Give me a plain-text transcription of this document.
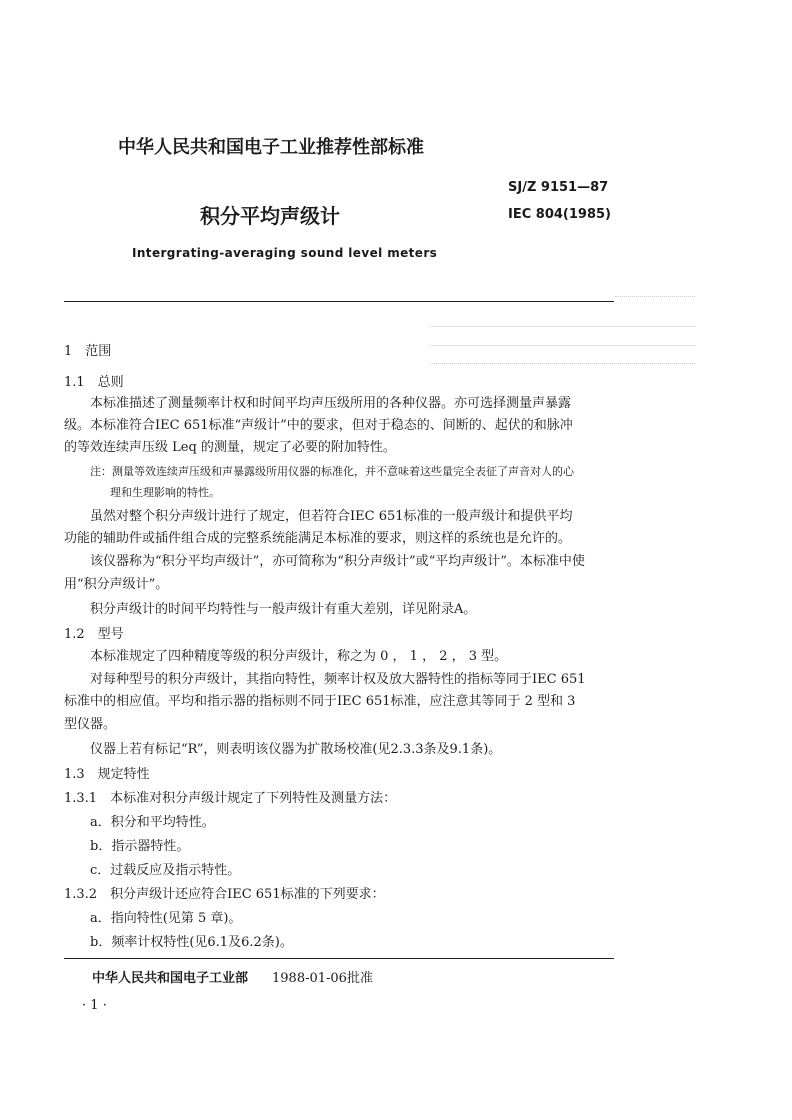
中华人民共和国电子工业推荐性部标准
积分平均声级计
SJ/Z 9151—87
IEC 804(1985)
Intergrating-averaging sound level meters
1　范围
1.1　总则
本标准描述了测量频率计权和时间平均声压级所用的各种仪器。亦可选择测量声暴露
级。本标准符合IEC 651标准“声级计”中的要求，但对于稳态的、间断的、起伏的和脉冲
的等效连续声压级 Leq 的测量，规定了必要的附加特性。
注：测量等效连续声压级和声暴露级所用仪器的标准化，并不意味着这些量完全表征了声音对人的心
理和生理影响的特性。
虽然对整个积分声级计进行了规定，但若符合IEC 651标准的一般声级计和提供平均
功能的辅助件或插件组合成的完整系统能满足本标准的要求，则这样的系统也是允许的。
该仪器称为“积分平均声级计”，亦可简称为“积分声级计”或“平均声级计”。本标准中使
用“积分声级计”。
积分声级计的时间平均特性与一般声级计有重大差别，详见附录A。
1.2　型号
本标准规定了四种精度等级的积分声级计，称之为 0 ， 1 ， 2 ， 3 型。
对每种型号的积分声级计，其指向特性，频率计权及放大器特性的指标等同于IEC 651
标准中的相应值。平均和指示器的指标则不同于IEC 651标准，应注意其等同于 2 型和 3
型仪器。
仪器上若有标记“R”，则表明该仪器为扩散场校准(见2.3.3条及9.1条)。
1.3　规定特性
1.3.1　本标准对积分声级计规定了下列特性及测量方法：
a．积分和平均特性。
b．指示器特性。
c．过载反应及指示特性。
1.3.2　积分声级计还应符合IEC 651标准的下列要求：
a．指向特性(见第 5 章)。
b．频率计权特性(见6.1及6.2条)。
中华人民共和国电子工业部 1988-01-06批准
· 1 ·
